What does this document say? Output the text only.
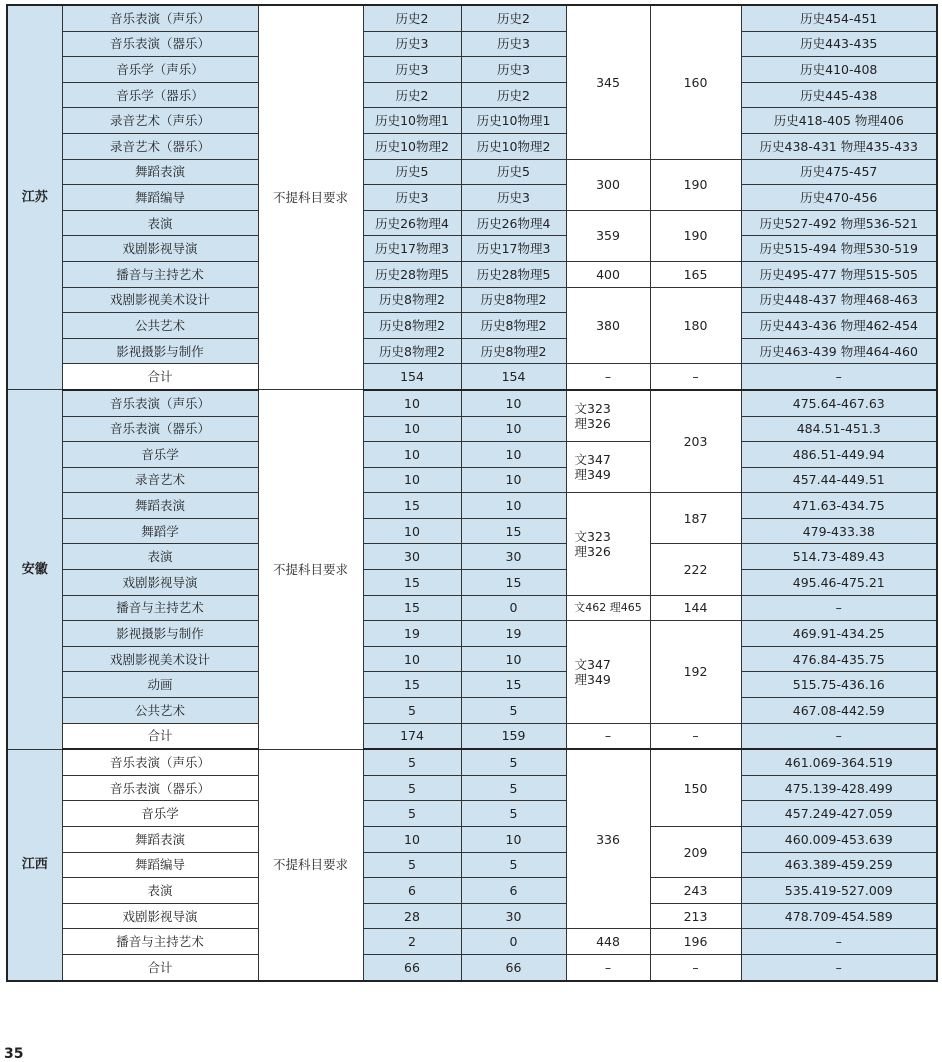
江苏	音乐表演（声乐）	不提科目要求	历史2	历史2	345	160	历史454-451
	音乐表演（器乐）		历史3	历史3			历史443-435
	音乐学（声乐）		历史3	历史3			历史410-408
	音乐学（器乐）		历史2	历史2			历史445-438
	录音艺术（声乐）		历史10物理1	历史10物理1			历史418-405 物理406
	录音艺术（器乐）		历史10物理2	历史10物理2			历史438-431 物理435-433
	舞蹈表演		历史5	历史5	300	190	历史475-457
	舞蹈编导		历史3	历史3			历史470-456
	表演		历史26物理4	历史26物理4	359	190	历史527-492 物理536-521
	戏剧影视导演		历史17物理3	历史17物理3			历史515-494 物理530-519
	播音与主持艺术		历史28物理5	历史28物理5	400	165	历史495-477 物理515-505
	戏剧影视美术设计		历史8物理2	历史8物理2	380	180	历史448-437 物理468-463
	公共艺术		历史8物理2	历史8物理2			历史443-436 物理462-454
	影视摄影与制作		历史8物理2	历史8物理2			历史463-439 物理464-460
	合计		154	154	–	–	–
安徽	音乐表演（声乐）	不提科目要求	10	10	文323
理326	203	475.64-467.63
	音乐表演（器乐）		10	10			484.51-451.3
	音乐学		10	10	文347
理349		486.51-449.94
	录音艺术		10	10			457.44-449.51
	舞蹈表演		15	10	文323
理326	187	471.63-434.75
	舞蹈学		10	15			479-433.38
	表演		30	30		222	514.73-489.43
	戏剧影视导演		15	15			495.46-475.21
	播音与主持艺术		15	0	文462 理465	144	–
	影视摄影与制作		19	19	文347
理349	192	469.91-434.25
	戏剧影视美术设计		10	10			476.84-435.75
	动画		15	15			515.75-436.16
	公共艺术		5	5			467.08-442.59
	合计		174	159	–	–	–
江西	音乐表演（声乐）	不提科目要求	5	5	336	150	461.069-364.519
	音乐表演（器乐）		5	5			475.139-428.499
	音乐学		5	5			457.249-427.059
	舞蹈表演		10	10		209	460.009-453.639
	舞蹈编导		5	5			463.389-459.259
	表演		6	6		243	535.419-527.009
	戏剧影视导演		28	30		213	478.709-454.589
	播音与主持艺术		2	0	448	196	–
	合计		66	66	–	–	–
35
